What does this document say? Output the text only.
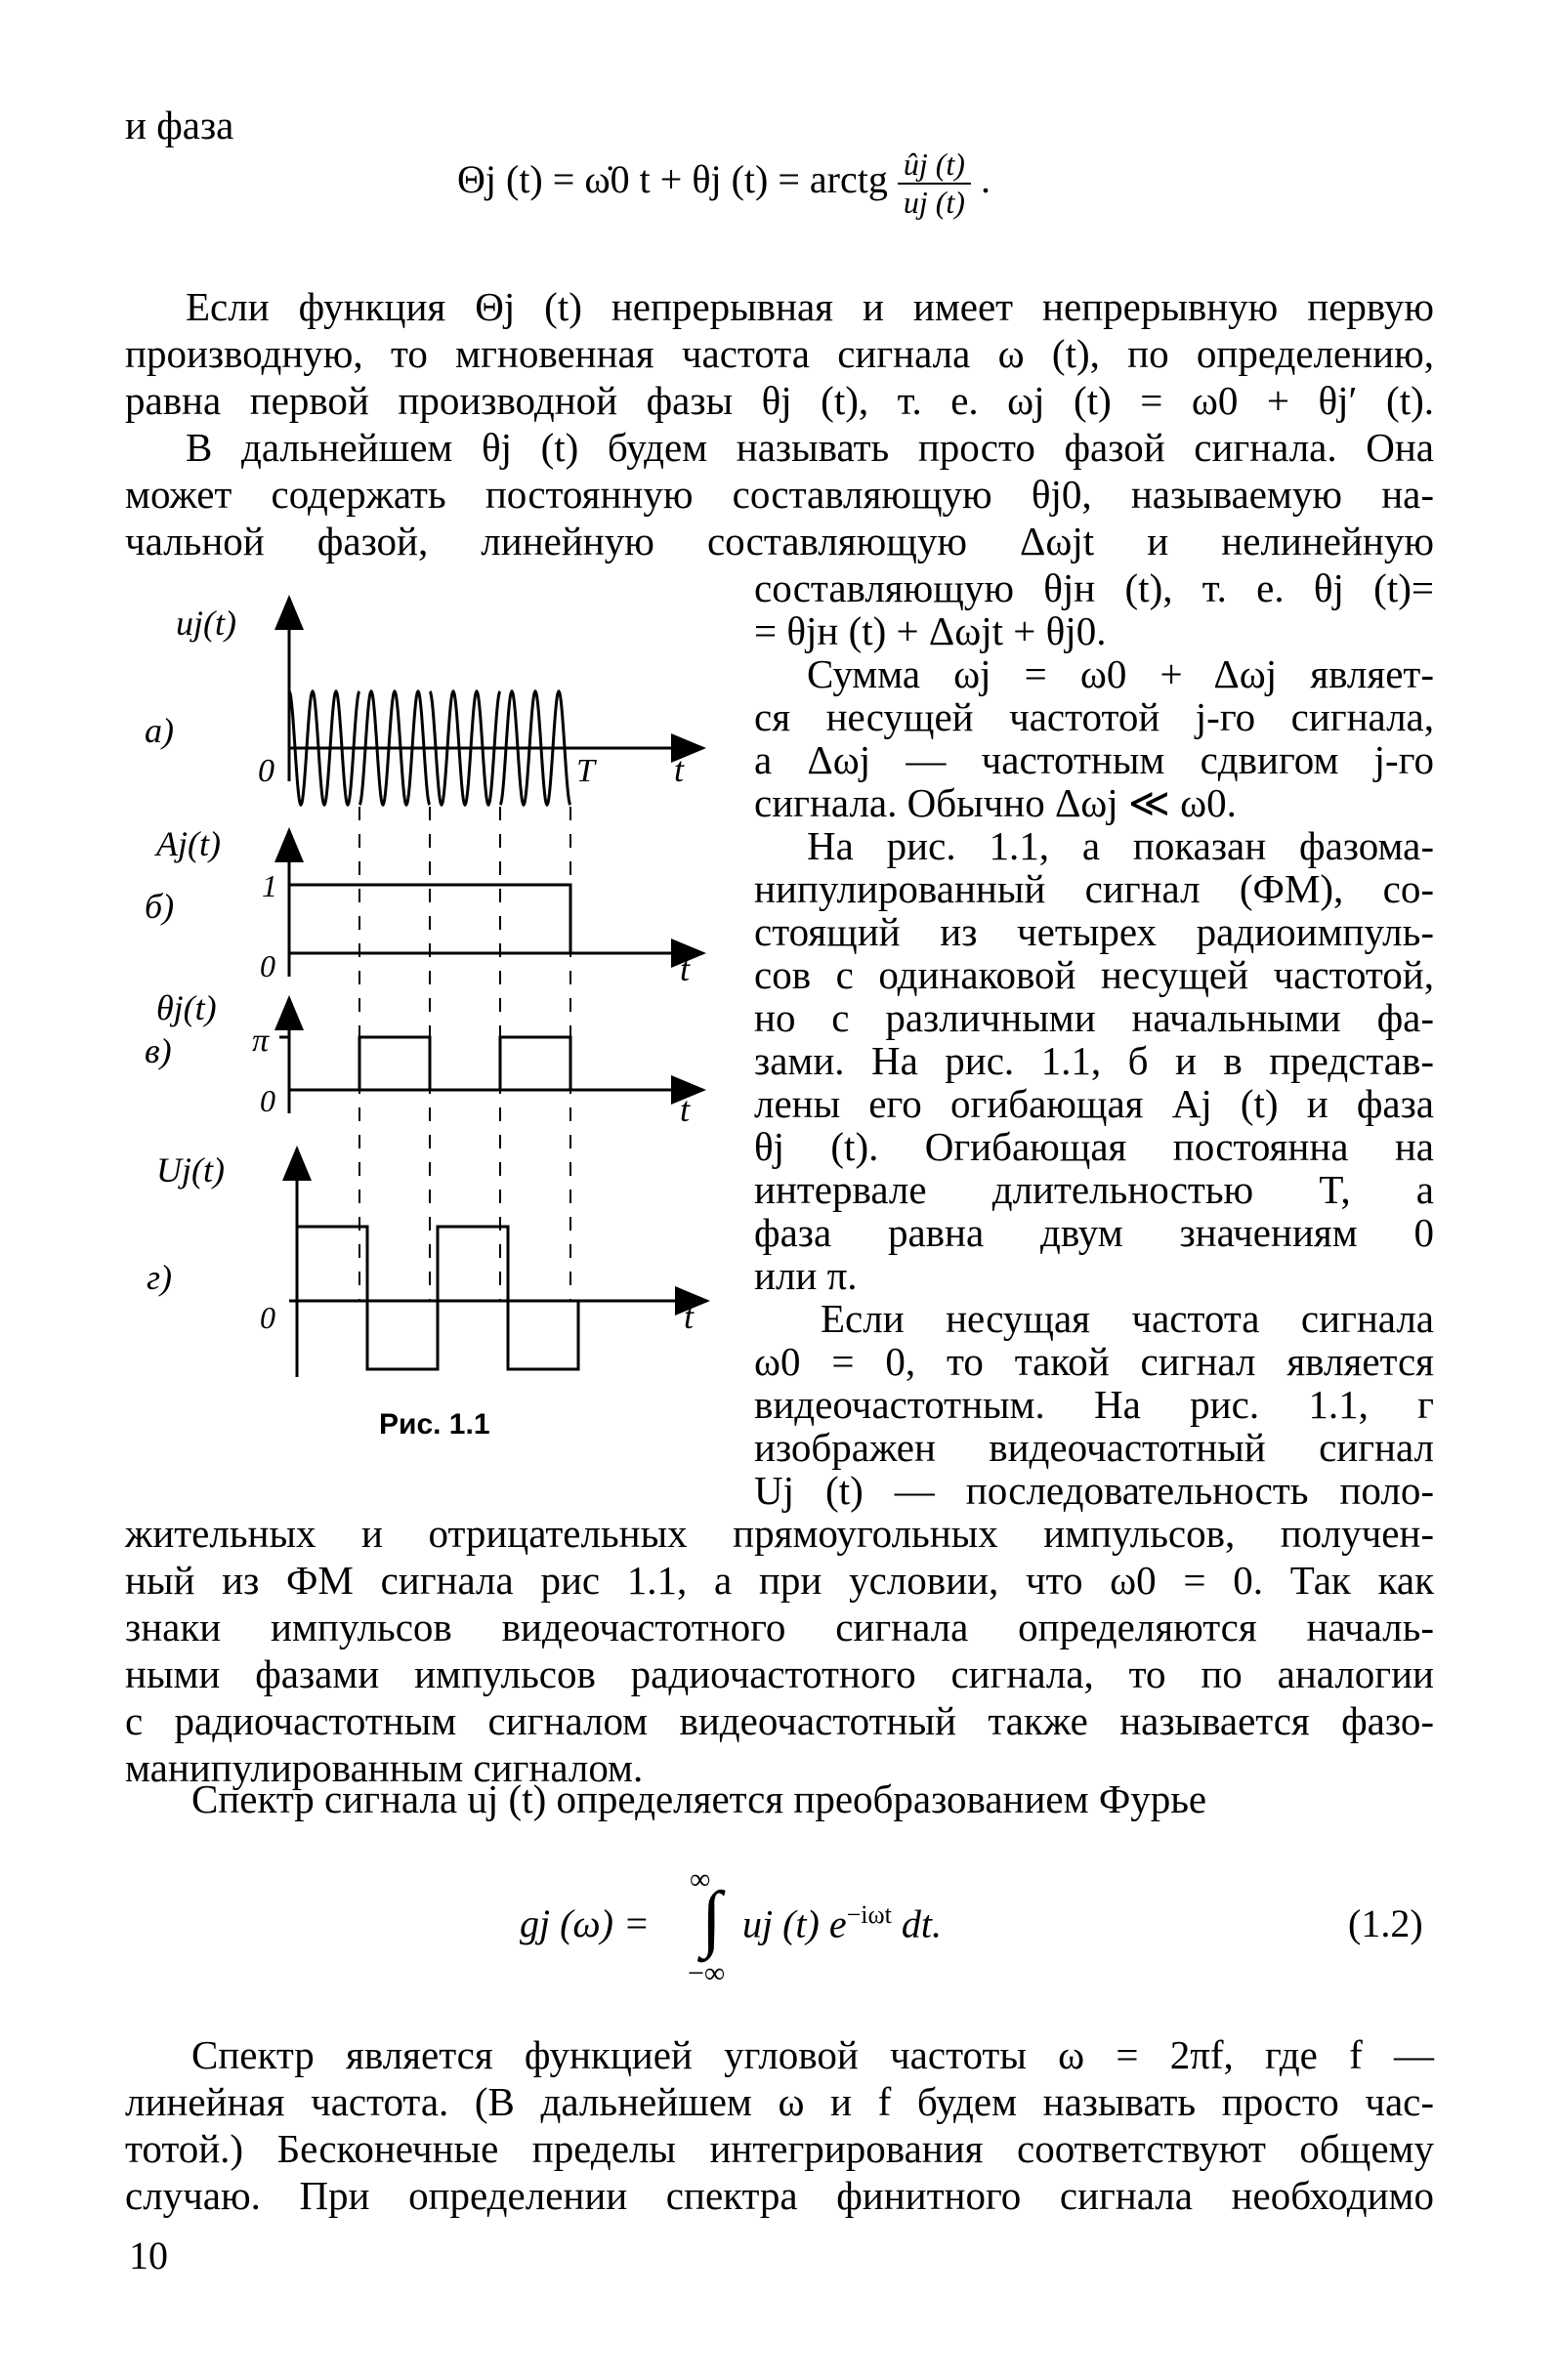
и фаза
Θj (t) = ω̇0 t + θj (t) = arctg $\frac{ûj (t)}{uj (t)}$ .
Если функция Θj (t) непрерывная и имеет непрерывную первую
производную, то мгновенная частота сигнала ω (t), по определению,
равна первой производной фазы θj (t), т. е. ωj (t) = ω0 + θj′ (t).
В дальнейшем θj (t) будем называть просто фазой сигнала. Она
может содержать постоянную составляющую θj0, называемую на-
чальной фазой, линейную составляющую Δωjt и нелинейную
составляющую θjн (t), т. е. θj (t)=
= θjн (t) + Δωjt + θj0.
Сумма ωj = ω0 + Δωj являет-
ся несущей частотой j-го сигнала,
а Δωj — частотным сдвигом j-го
сигнала. Обычно Δωj ≪ ω0.
На рис. 1.1, а показан фазома-
нипулированный сигнал (ФМ), со-
стоящий из четырех радиоимпуль-
сов с одинаковой несущей частотой,
но с различными начальными фа-
зами. На рис. 1.1, б и в представ-
лены его огибающая Aj (t) и фаза
θj (t). Огибающая постоянна на
интервале длительностью T, а
фаза равна двум значениям 0
или π.
Если несущая частота сигнала
ω0 = 0, то такой сигнал является
видеочастотным. На рис. 1.1, г
изображен видеочастотный сигнал
Uj (t) — последовательность поло-
жительных и отрицательных прямоугольных импульсов, получен-
ный из ФМ сигнала рис 1.1, а при условии, что ω0 = 0. Так как
знаки импульсов видеочастотного сигнала определяются началь-
ными фазами импульсов радиочастотного сигнала, то по аналогии
с радиочастотным сигналом видеочастотный также называется фазо-
манипулированным сигналом.
Спектр сигнала uj (t) определяется преобразованием Фурье
gj (ω) =
∞
∫
−∞
uj (t) $e^{-i\omega t}$ dt.	(1.2)
Спектр является функцией угловой частоты ω = 2πf, где f —
линейная частота. (В дальнейшем ω и f будем называть просто час-
тотой.) Бесконечные пределы интегрирования соответствуют общему
случаю. При определении спектра финитного сигнала необходимо
10
uj(t)
а)
0	T t
Aj(t)
б)
1
0	t
θj(t)
в) π
0	t
Uj(t)
г)
0	t
Рис. 1.1
